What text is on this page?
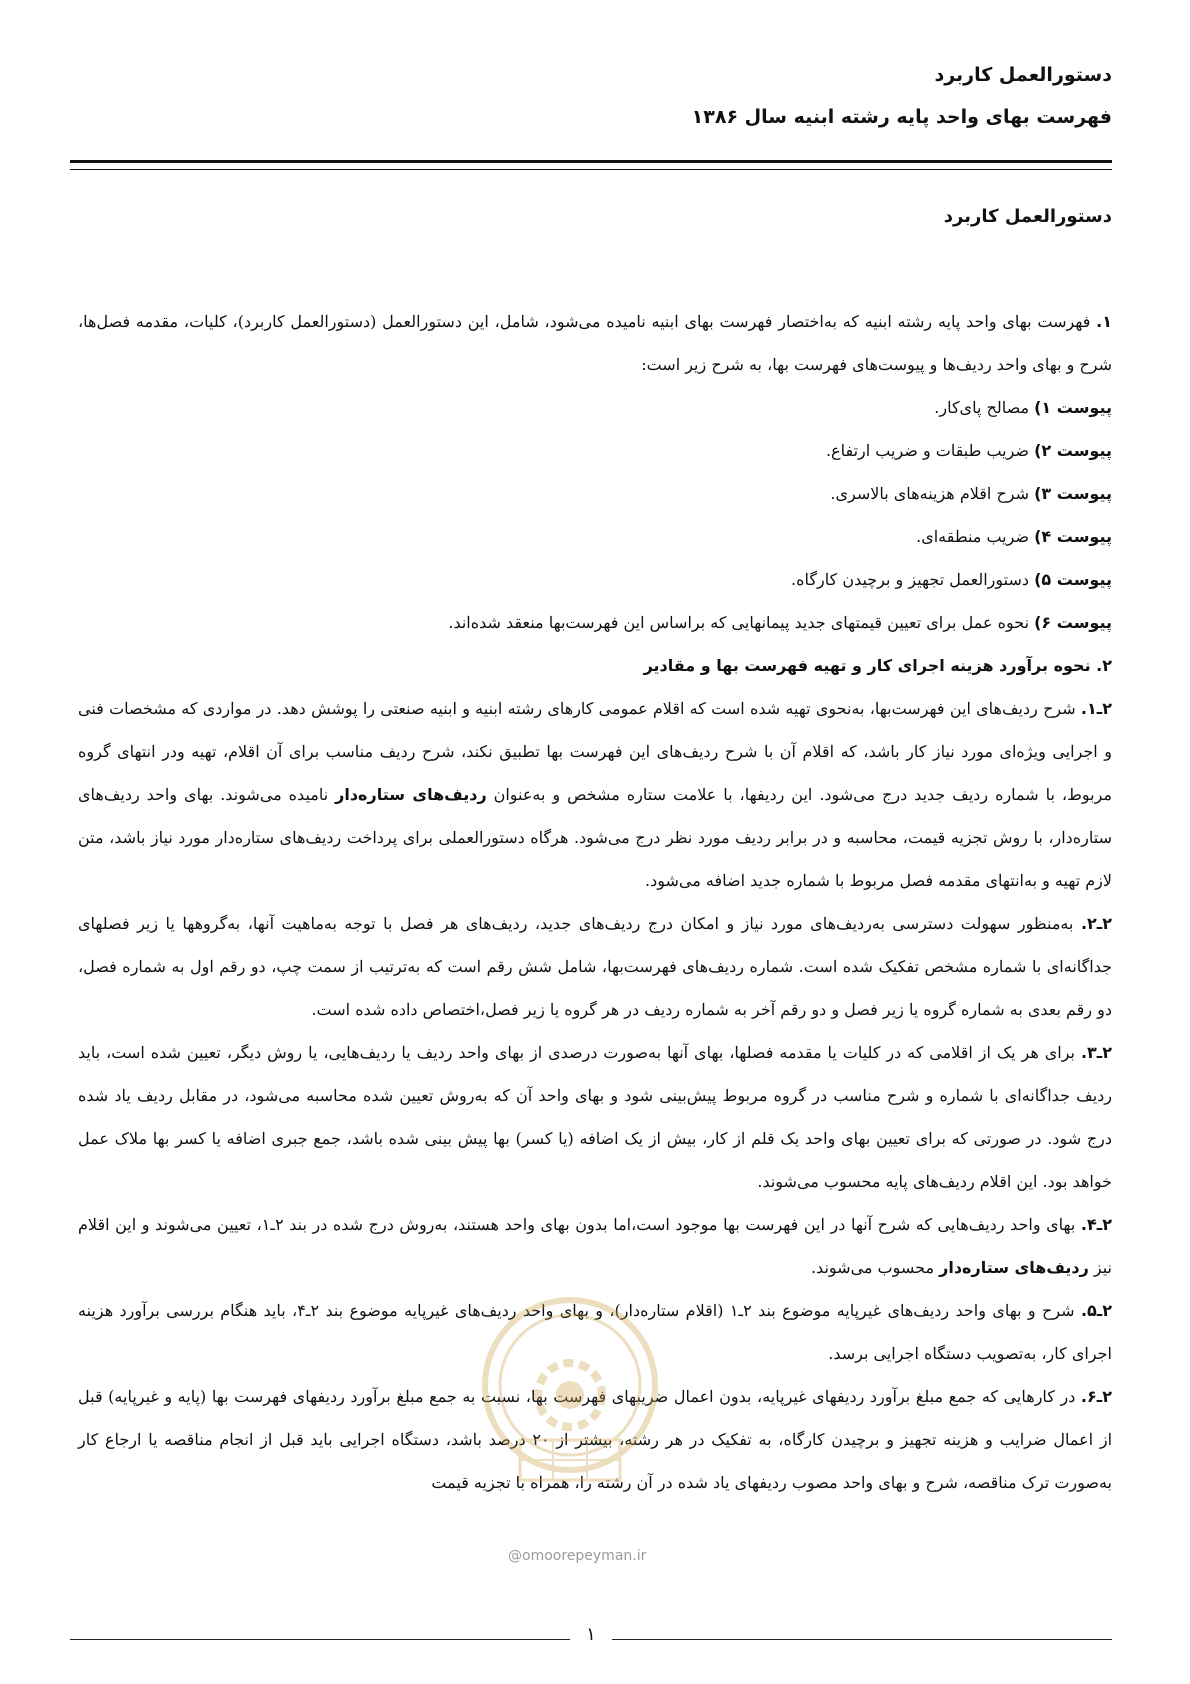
دستورالعمل کاربرد
فهرست بهای واحد پایه رشته ابنیه سال ۱۳۸۶
دستورالعمل کاربرد

۱. فهرست بهای واحد پایه رشته ابنیه که به‌اختصار فهرست بهای ابنیه نامیده می‌شود، شامل، این دستورالعمل (دستورالعمل کاربرد)، کلیات، مقدمه فصل‌ها، شرح و بهای واحد ردیف‌ها و پیوست‌های فهرست بها، به شرح زیر است:

پیوست ۱) مصالح پای‌کار.

پیوست ۲) ضریب طبقات و ضریب ارتفاع.

پیوست ۳) شرح اقلام هزینه‌های بالاسری.

پیوست ۴) ضریب منطقه‌ای.

پیوست ۵) دستورالعمل تجهیز و برچیدن کارگاه.

پیوست ۶) نحوه عمل برای تعیین قیمتهای جدید پیمانهایی که براساس این فهرست‌بها منعقد شده‌اند.

۲. نحوه برآورد هزینه اجرای کار و تهیه فهرست بها و مقادیر

۲ـ۱. شرح ردیف‌های این فهرست‌بها، به‌نحوی تهیه شده است که اقلام عمومی کارهای رشته ابنیه و ابنیه صنعتی را پوشش دهد. در مواردی که مشخصات فنی و اجرایی ویژه‌ای مورد نیاز کار باشد، که اقلام آن با شرح ردیف‌های این فهرست بها تطبیق نکند، شرح ردیف مناسب برای آن اقلام، تهیه ودر انتهای گروه مربوط، با شماره ردیف جدید درج می‌شود. این ردیفها، با علامت ستاره مشخص و به‌عنوان ردیف‌های ستاره‌دار نامیده می‌شوند. بهای واحد ردیف‌های ستاره‌دار، با روش تجزیه قیمت، محاسبه و در برابر ردیف مورد نظر درج می‌شود. هرگاه دستورالعملی برای پرداخت ردیف‌های ستاره‌دار مورد نیاز باشد، متن لازم تهیه و به‌انتهای مقدمه فصل مربوط با شماره جدید اضافه می‌شود.

۲ـ۲. به‌منظور سهولت دسترسی به‌ردیف‌های مورد نیاز و امکان درج ردیف‌های جدید، ردیف‌های هر فصل با توجه به‌ماهیت آنها، به‌گروهها یا زیر فصلهای جداگانه‌ای با شماره مشخص تفکیک شده است. شماره ردیف‌های فهرست‌بها، شامل شش رقم است که به‌ترتیب از سمت چپ، دو رقم اول به شماره فصل، دو رقم بعدی به شماره گروه یا زیر فصل و دو رقم آخر به شماره ردیف در هر گروه یا زیر فصل،اختصاص داده شده است.

۲ـ۳. برای هر یک از اقلامی که در کلیات یا مقدمه فصلها، بهای آنها به‌صورت درصدی از بهای واحد ردیف یا ردیف‌هایی، یا روش دیگر، تعیین شده است، باید ردیف جداگانه‌ای با شماره و شرح مناسب در گروه مربوط پیش‌بینی شود و بهای واحد آن که به‌روش تعیین شده محاسبه می‌شود، در مقابل ردیف یاد شده درج شود. در صورتی که برای تعیین بهای واحد یک قلم از کار، بیش از یک اضافه (یا کسر) بها پیش بینی شده باشد، جمع جبری اضافه یا کسر بها ملاک عمل خواهد بود. این اقلام ردیف‌های پایه محسوب می‌شوند.

۲ـ۴. بهای واحد ردیف‌هایی که شرح آنها در این فهرست بها موجود است،اما بدون بهای واحد هستند، به‌روش درج شده در بند ۲ـ۱، تعیین می‌شوند و این اقلام نیز ردیف‌های ستاره‌دار محسوب می‌شوند.

۲ـ۵. شرح و بهای واحد ردیف‌های غیرپایه موضوع بند ۲ـ۱ (اقلام ستاره‌دار)، و بهای واحد ردیف‌های غیرپایه موضوع بند ۲ـ۴، باید هنگام بررسی برآورد هزینه اجرای کار، به‌تصویب دستگاه اجرایی برسد.

۲ـ۶. در کارهایی که جمع مبلغ برآورد ردیفهای غیرپایه، بدون اعمال ضریبهای فهرست بها، نسبت به جمع مبلغ برآورد ردیفهای فهرست بها (پایه و غیرپایه) قبل از اعمال ضرایب و هزینه تجهیز و برچیدن کارگاه، به تفکیک در هر رشته، بیشتر از ۲۰ درصد باشد، دستگاه اجرایی باید قبل از انجام مناقصه یا ارجاع کار به‌صورت ترک مناقصه، شرح و بهای واحد مصوب ردیفهای یاد شده در آن رشته را، همراه با تجزیه قیمت

@omoorepeyman.ir
۱
